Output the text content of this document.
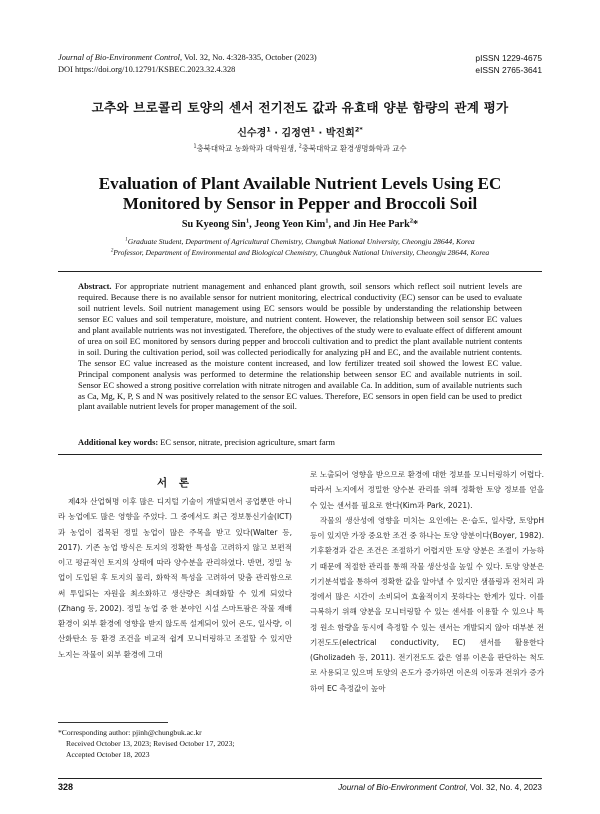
Journal of Bio-Environment Control, Vol. 32, No. 4:328-335, October (2023)
DOI https://doi.org/10.12791/KSBEC.2023.32.4.328
pISSN 1229-4675
eISSN 2765-3641
고추와 브로콜리 토양의 센서 전기전도 값과 유효태 양분 함량의 관계 평가
신수경$^1$ · 김정연$^1$ · 박진희$^{2*}$
$^1$충북대학교 농화학과 대학원생, $^2$충북대학교 환경생명화학과 교수
Evaluation of Plant Available Nutrient Levels Using EC Monitored by Sensor in Pepper and Broccoli Soil
Su Kyeong Sin$^1$, Jeong Yeon Kim$^1$, and Jin Hee Park$^2$*
$^1$Graduate Student, Department of Agricultural Chemistry, Chungbuk National University, Cheongju 28644, Korea
$^2$Professor, Department of Environmental and Biological Chemistry, Chungbuk National University, Cheongju 28644, Korea
Abstract. For appropriate nutrient management and enhanced plant growth, soil sensors which reflect soil nutrient levels are required. Because there is no available sensor for nutrient monitoring, electrical conductivity (EC) sensor can be used to evaluate soil nutrient levels. Soil nutrient management using EC sensors would be possible by understanding the relationship between sensor EC values and soil temperature, moisture, and nutrient content. However, the relationship between soil sensor EC values and plant available nutrients was not investigated. Therefore, the objectives of the study were to evaluate effect of different amount of urea on soil EC monitored by sensors during pepper and broccoli cultivation and to predict the plant available nutrient contents in soil. During the cultivation period, soil was collected periodically for analyzing pH and EC, and the available nutrient contents. The sensor EC value increased as the moisture content increased, and low fertilizer treated soil showed the lowest EC value. Principal component analysis was performed to determine the relationship between sensor EC and available nutrients in soil. Sensor EC showed a strong positive correlation with nitrate nitrogen and available Ca. In addition, sum of available nutrients such as Ca, Mg, K, P, S and N was positively related to the sensor EC values. Therefore, EC sensors in open field can be used to predict plant available nutrient levels for proper management of the soil.
Additional key words: EC sensor, nitrate, precision agriculture, smart farm
서 론
제4차 산업혁명 이후 많은 디지털 기술이 개발되면서 공업뿐만 아니라 농업에도 많은 영향을 주었다. 그 중에서도 최근 정보통신기술(ICT)과 농업이 접목된 정밀 농업이 많은 주목을 받고 있다(Walter 등, 2017). 기존 농업 방식은 토지의 정확한 특성을 고려하지 않고 보편적이고 평균적인 토지의 상태에 따라 양수분을 관리하였다. 반면, 정밀 농업이 도입된 후 토지의 물리, 화학적 특성을 고려하여 맞춤 관리함으로써 투입되는 자원을 최소화하고 생산량은 최대화할 수 있게 되었다(Zhang 등, 2002). 정밀 농업 중 한 분야인 시설 스마트팜은 작물 재배 환경이 외부 환경에 영향을 받지 않도록 설계되어 있어 온도, 일사량, 이산화탄소 등 환경 조건을 비교적 쉽게 모니터링하고 조절할 수 있지만 노지는 작물이 외부 환경에 그대
로 노출되어 영향을 받으므로 환경에 대한 정보를 모니터링하기 어렵다. 따라서 노지에서 정밀한 양수분 관리를 위해 정확한 토양 정보를 얻을 수 있는 센서를 필요로 한다(Kim과 Park, 2021).
작물의 생산성에 영향을 미치는 요인에는 온·습도, 일사량, 토양pH 등이 있지만 가장 중요한 조건 중 하나는 토양 양분이다(Boyer, 1982). 기후환경과 같은 조건은 조절하기 어렵지만 토양 양분은 조절이 가능하기 때문에 적절한 관리를 통해 작물 생산성을 높일 수 있다. 토양 양분은 기기분석법을 통하여 정확한 값을 알아낼 수 있지만 샘플링과 전처리 과정에서 많은 시간이 소비되어 효율적이지 못하다는 한계가 있다. 이를 극복하기 위해 양분을 모니터링할 수 있는 센서를 이용할 수 있으나 특정 원소 함량을 동시에 측정할 수 있는 센서는 개발되지 않아 대부분 전기전도도(electrical conductivity, EC) 센서를 활용한다(Gholizadeh 등, 2011). 전기전도도 값은 염류 이온을 판단하는 척도로 사용되고 있으며 토양의 온도가 증가하면 이온의 이동과 전위가 증가하여 EC 측정값이 높아
*Corresponding author: pjinh@chungbuk.ac.kr
Received October 13, 2023; Revised October 17, 2023;
Accepted October 18, 2023
328	Journal of Bio-Environment Control, Vol. 32, No. 4, 2023
